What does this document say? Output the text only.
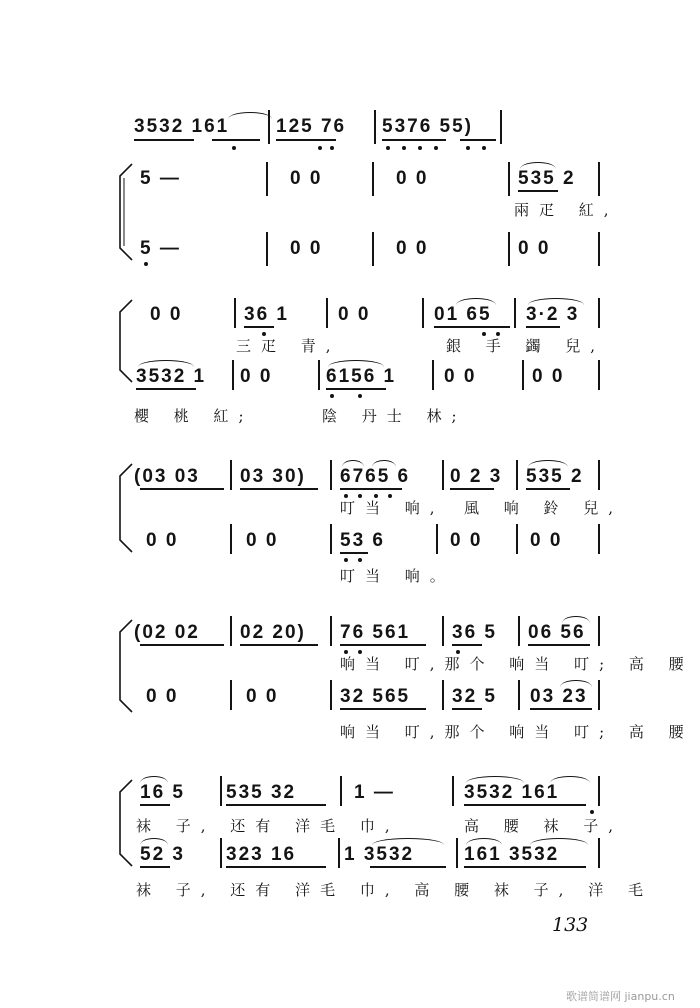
3532 161 125 76 5376 55)
5 —	0 0	0 0	535 2
兩疋 紅,
5 —	0 0	0 0	0 0
0 0	36 1	0 0	01 65 3·2 3
三疋 青,	銀 手 蠲 兒,
3532 1 0 0	6156 1	0 0	0 0
櫻 桃 紅;	陰 丹士 林;
(03 03 03 30) 6765 6 0 2 3 535 2
叮当 响, 風 响 鈴 兒,
0 0	0 0	53 6	0 0	0 0
叮当 响。
(02 02 02 20) 76 561 36 5 06 56
响当 叮,那个 响当 叮; 高 腰
0 0	0 0	32 565 32 5 03 23
响当 叮,那个 响当 叮; 高 腰
16 5 535 32	1 —	3532 161
袜 子, 还有 洋毛 巾,	高 腰 袜 子,
52 3 323 16	1 3532	161 3532
袜 子, 还有 洋毛 巾, 高 腰 袜 子, 洋 毛
133
歌谱简谱网 jianpu.cn
